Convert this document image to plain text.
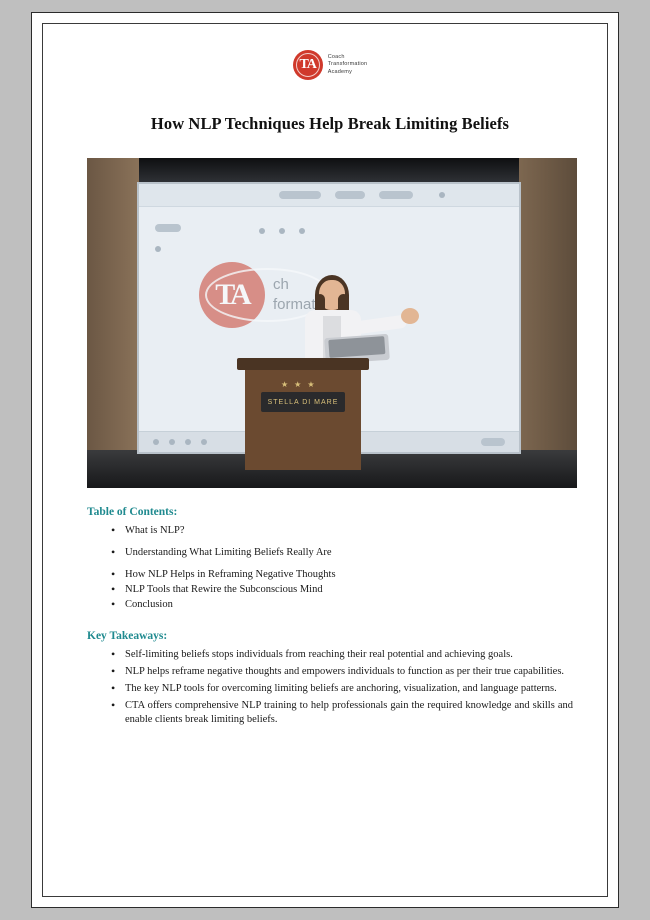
TA
Coach
Transformation
Academy
How NLP Techniques Help Break Limiting Beliefs
TA
★ ★ ★
STELLA DI MARE
Table of Contents:
• What is NLP?
• Understanding What Limiting Beliefs Really Are
• How NLP Helps in Reframing Negative Thoughts
• NLP Tools that Rewire the Subconscious Mind
• Conclusion
Key Takeaways:
• Self-limiting beliefs stops individuals from reaching their real potential and achieving goals.
• NLP helps reframe negative thoughts and empowers individuals to function as per their true capabilities.
• The key NLP tools for overcoming limiting beliefs are anchoring, visualization, and language patterns.
• CTA offers comprehensive NLP training to help professionals gain the required knowledge and skills and enable clients break limiting beliefs.
